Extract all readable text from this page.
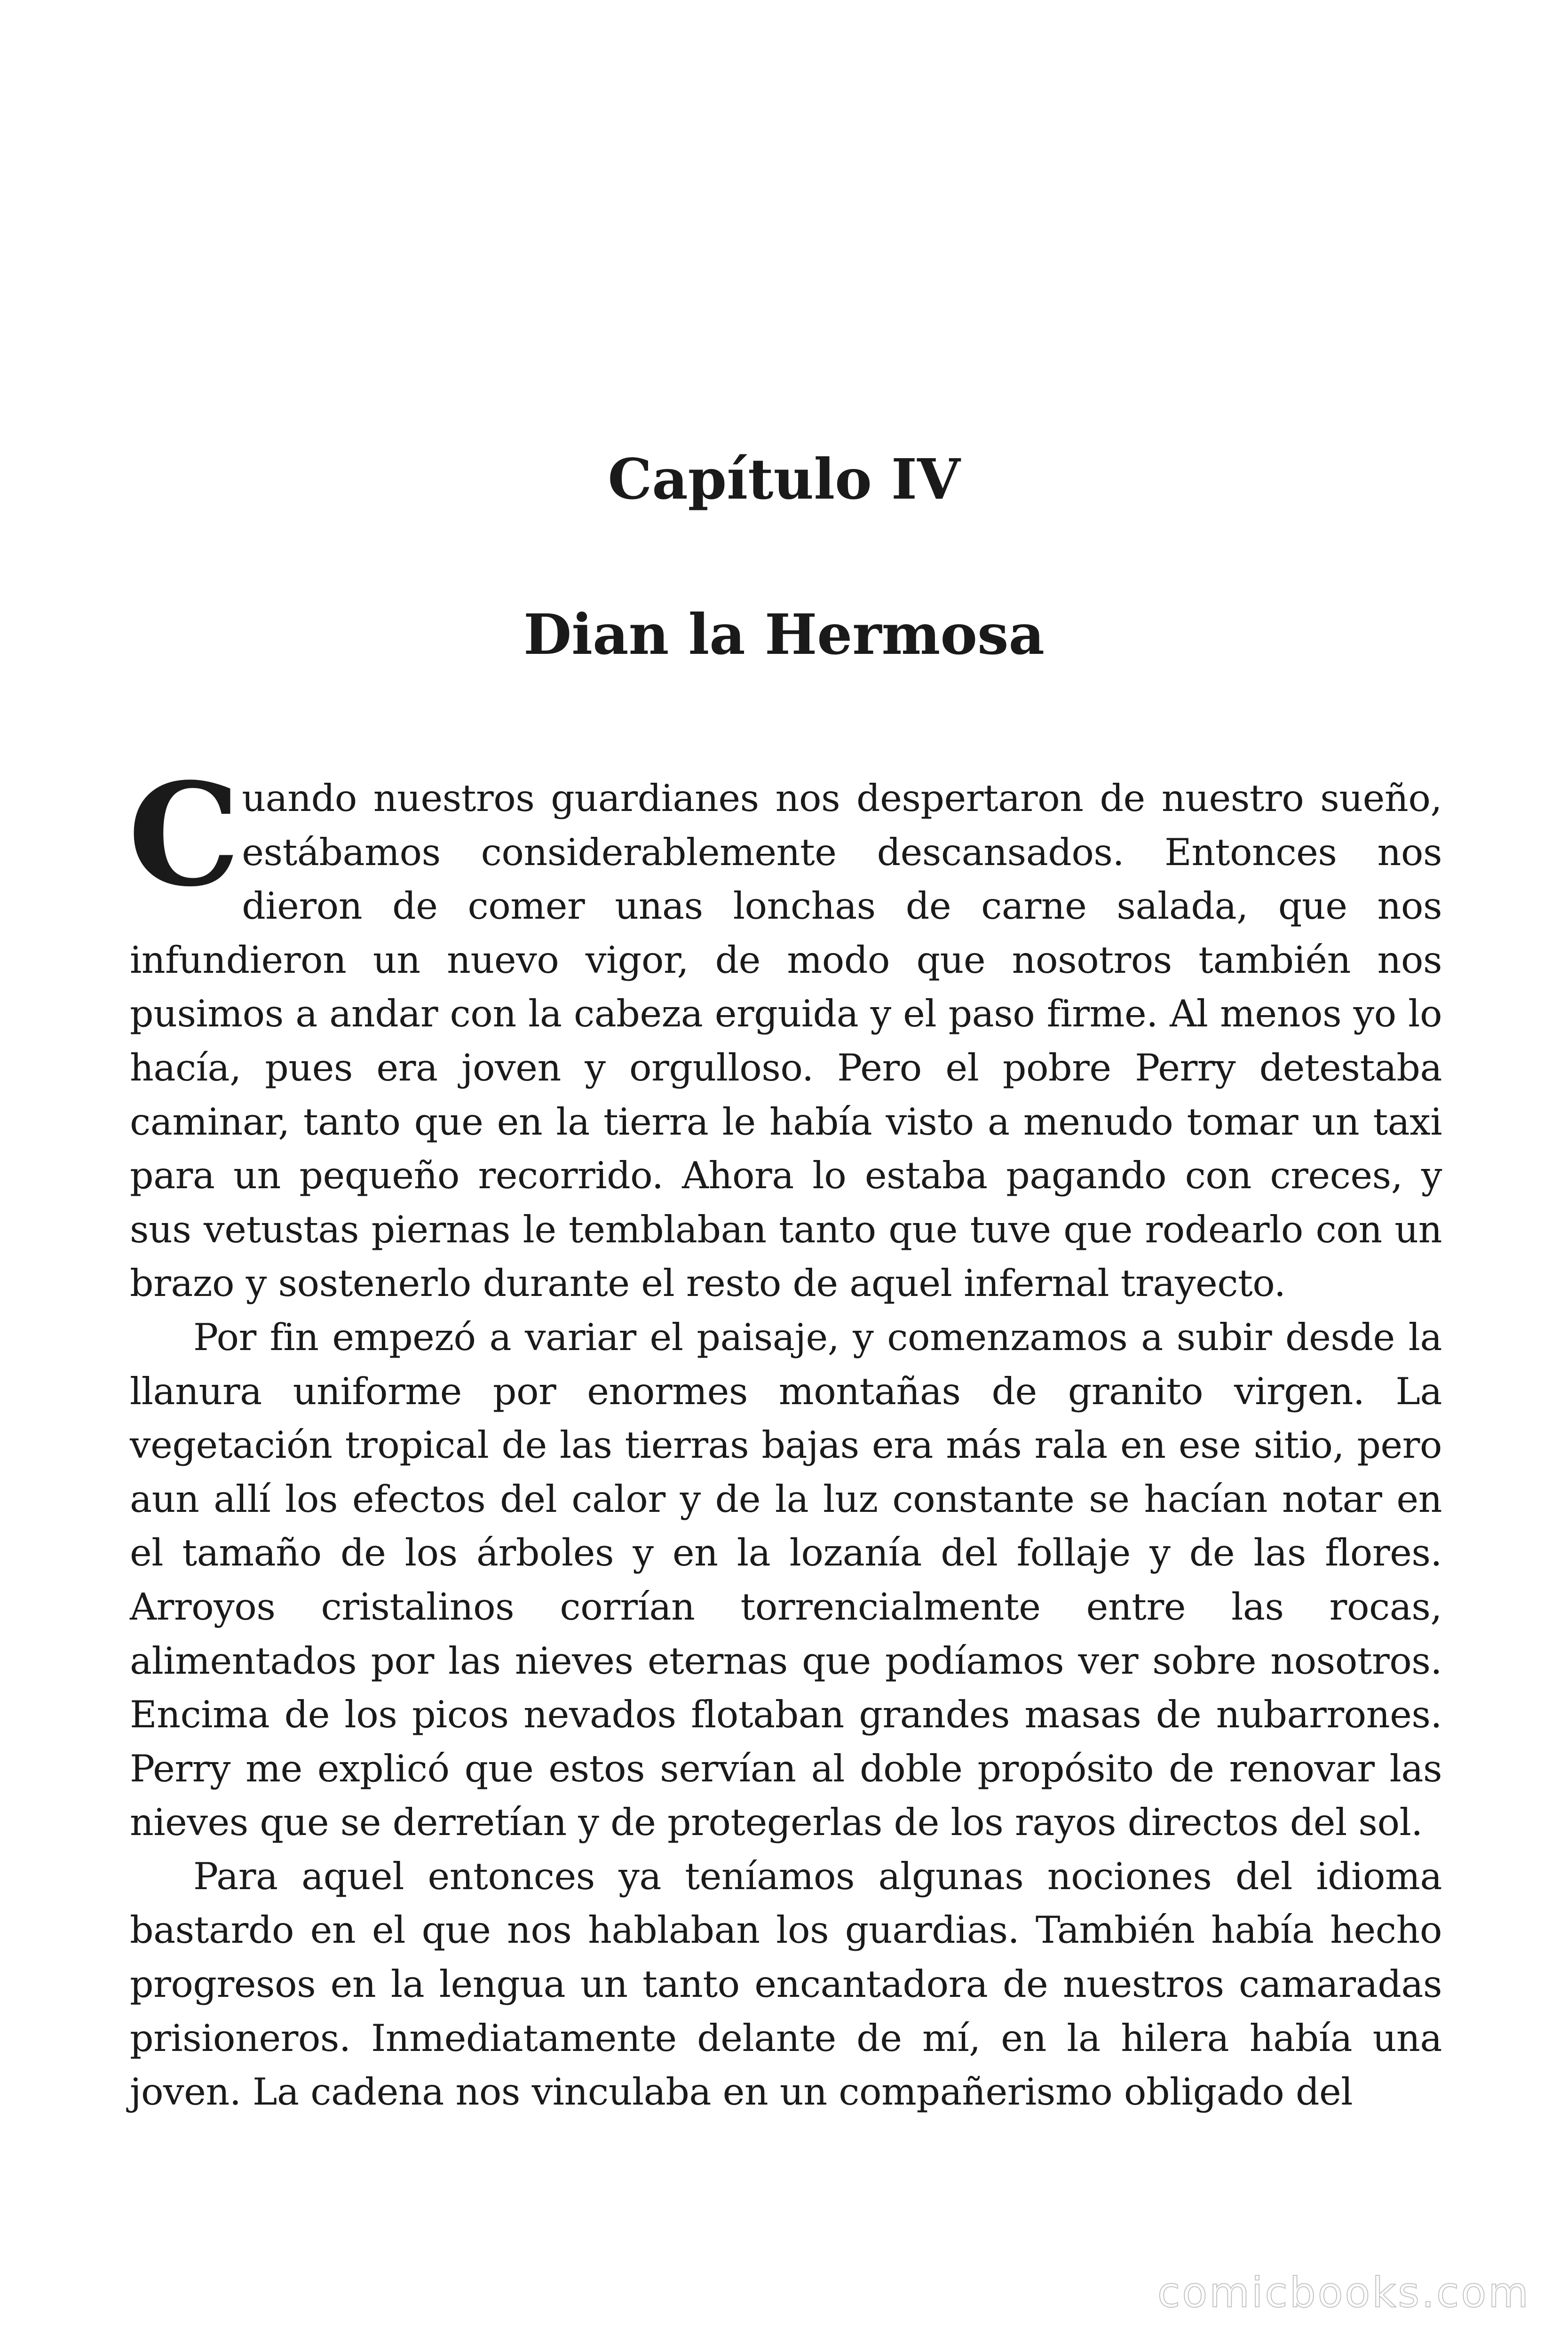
Capítulo IV
Dian la Hermosa

Cuando nuestros guardianes nos despertaron de nuestro sueño, estábamos considerablemente descansados. Entonces nos dieron de comer unas lonchas de carne salada, que nos infundieron un nuevo vigor, de modo que nosotros también nos pusimos a andar con la cabeza erguida y el paso firme. Al menos yo lo hacía, pues era joven y orgulloso. Pero el pobre Perry detestaba caminar, tanto que en la tierra le había visto a menudo tomar un taxi para un pequeño recorrido. Ahora lo estaba pagando con creces, y sus vetustas piernas le temblaban tanto que tuve que rodearlo con un brazo y sostenerlo durante el resto de aquel infernal trayecto.

Por fin empezó a variar el paisaje, y comenzamos a subir desde la llanura uniforme por enormes montañas de granito virgen. La vegetación tropical de las tierras bajas era más rala en ese sitio, pero aun allí los efectos del calor y de la luz constante se hacían notar en el tamaño de los árboles y en la lozanía del follaje y de las flores. Arroyos cristalinos corrían torrencialmente entre las rocas, alimentados por las nieves eternas que podíamos ver sobre nosotros. Encima de los picos nevados flotaban grandes masas de nubarrones. Perry me explicó que estos servían al doble propósito de renovar las nieves que se derretían y de protegerlas de los rayos directos del sol.

Para aquel entonces ya teníamos algunas nociones del idioma bastardo en el que nos hablaban los guardias. También había hecho progresos en la lengua un tanto encantadora de nuestros camaradas prisioneros. Inmediatamente delante de mí, en la hilera había una joven. La cadena nos vinculaba en un compañerismo obligado del

comicbooks.com
